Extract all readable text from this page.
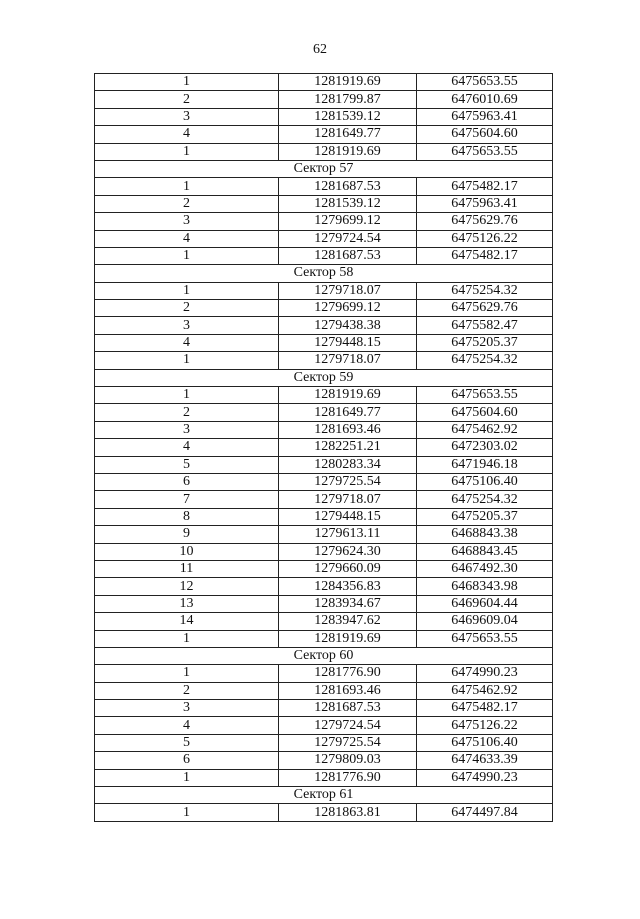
62
1	1281919.69	6475653.55
2	1281799.87	6476010.69
3	1281539.12	6475963.41
4	1281649.77	6475604.60
1	1281919.69	6475653.55
Сектор 57		
1	1281687.53	6475482.17
2	1281539.12	6475963.41
3	1279699.12	6475629.76
4	1279724.54	6475126.22
1	1281687.53	6475482.17
Сектор 58		
1	1279718.07	6475254.32
2	1279699.12	6475629.76
3	1279438.38	6475582.47
4	1279448.15	6475205.37
1	1279718.07	6475254.32
Сектор 59		
1	1281919.69	6475653.55
2	1281649.77	6475604.60
3	1281693.46	6475462.92
4	1282251.21	6472303.02
5	1280283.34	6471946.18
6	1279725.54	6475106.40
7	1279718.07	6475254.32
8	1279448.15	6475205.37
9	1279613.11	6468843.38
10	1279624.30	6468843.45
11	1279660.09	6467492.30
12	1284356.83	6468343.98
13	1283934.67	6469604.44
14	1283947.62	6469609.04
1	1281919.69	6475653.55
Сектор 60		
1	1281776.90	6474990.23
2	1281693.46	6475462.92
3	1281687.53	6475482.17
4	1279724.54	6475126.22
5	1279725.54	6475106.40
6	1279809.03	6474633.39
1	1281776.90	6474990.23
Сектор 61		
1	1281863.81	6474497.84
